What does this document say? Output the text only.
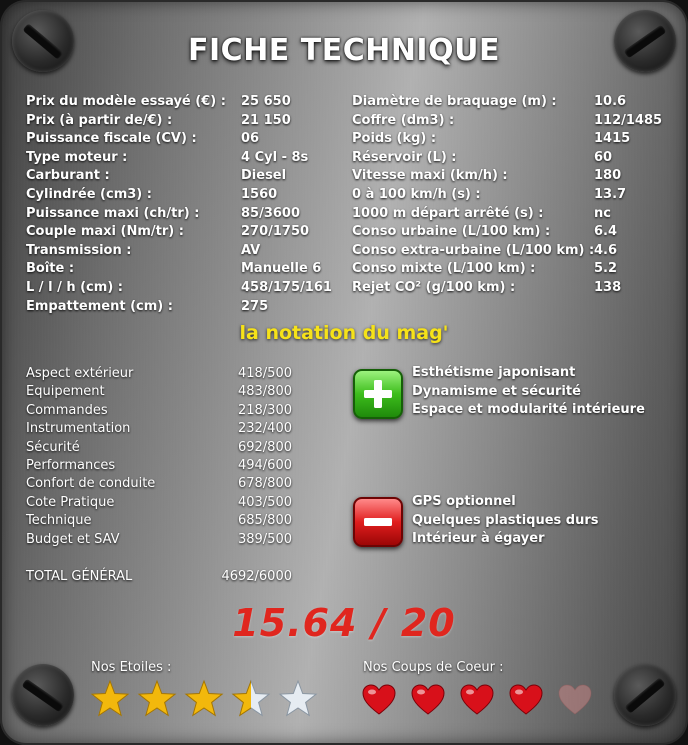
FICHE TECHNIQUE
Prix du modèle essayé (€) : 25 650
Prix (à partir de/€) :	21 150
Puissance fiscale (CV) :	06
Type moteur :	4 Cyl - 8s
Carburant :	Diesel
Cylindrée (cm3) :	1560
Puissance maxi (ch/tr) :	85/3600
Couple maxi (Nm/tr) :	270/1750
Transmission :	AV
Boîte :	Manuelle 6
L / l / h (cm) :	458/175/161
Empattement (cm) :	275
Diamètre de braquage (m) :	10.6
Coffre (dm3) :	112/1485
Poids (kg) :	1415
Réservoir (L) :	60
Vitesse maxi (km/h) :	180
0 à 100 km/h (s) :	13.7
1000 m départ arrêté (s) :	nc
Conso urbaine (L/100 km) :	6.4
Conso extra-urbaine (L/100 km) : 4.6
Conso mixte (L/100 km) :	5.2
Rejet CO² (g/100 km) :	138
la notation du mag'
Aspect extérieur	418/500
Equipement	483/800
Commandes	218/300
Instrumentation	232/400
Sécurité	692/800
Performances	494/600
Confort de conduite	678/800
Cote Pratique	403/500
Technique	685/800
Budget et SAV	389/500
TOTAL GÉNÉRAL	4692/6000
Esthétisme japonisant
Dynamisme et sécurité
Espace et modularité intérieure
GPS optionnel
Quelques plastiques durs
Intérieur à égayer
15.64 / 20
Nos Etoiles :	Nos Coups de Coeur :
